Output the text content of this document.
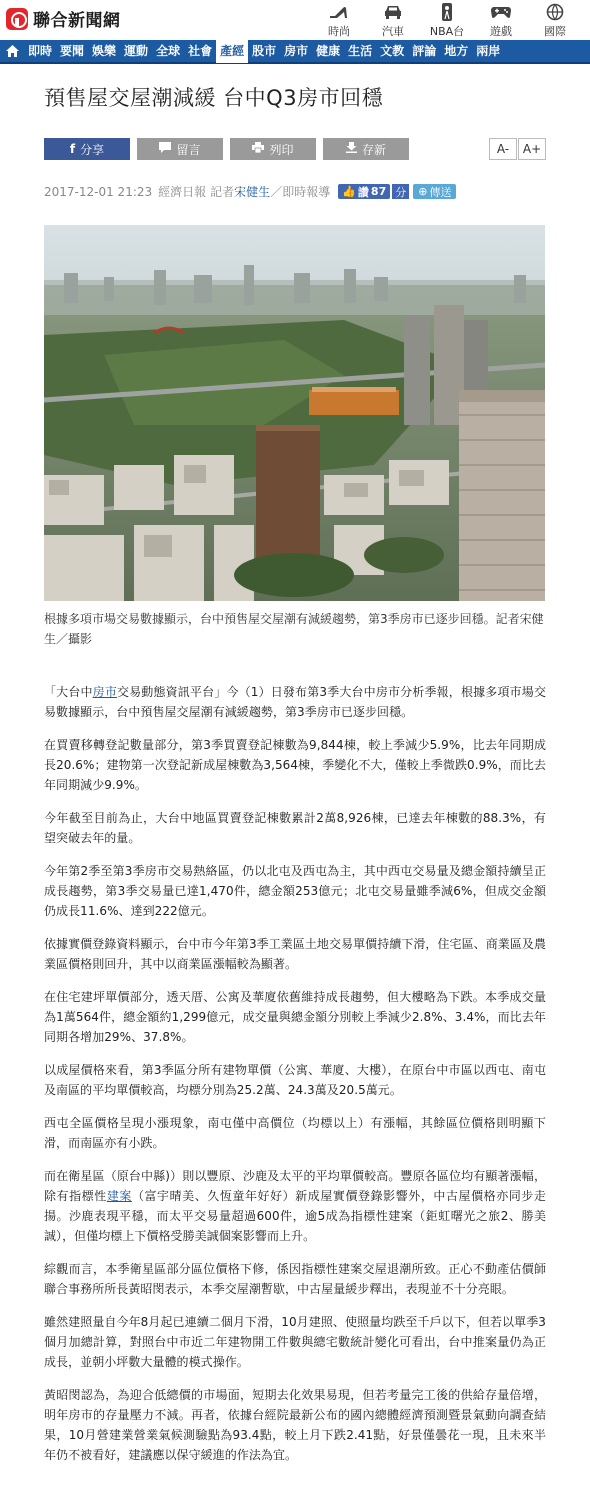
聯合新聞網
時尚	汽車 NBA台 遊戲	國際
即時 要聞 娛樂 運動 全球 社會 產經 股市 房市 健康 生活 文教 評論 地方 兩岸
預售屋交屋潮減緩 台中Q3房市回穩
f 分享	留言	列印	存新	A-	A+
2017-12-01 21:23 經濟日報 記者 宋健生 ／ 即時報導 👍 讚 87 分 ⊕ 傳送
根據多項市場交易數據顯示，台中預售屋交屋潮有減緩趨勢，第3季房市已逐步回穩。記者宋健生／攝影

「大台中房市交易動態資訊平台」今（1）日發布第3季大台中房市分析季報，根據多項市場交易數據顯示，台中預售屋交屋潮有減緩趨勢，第3季房市已逐步回穩。

在買賣移轉登記數量部分，第3季買賣登記棟數為9,844棟，較上季減少5.9%，比去年同期成長20.6%；建物第一次登記新成屋棟數為3,564棟，季變化不大，僅較上季微跌0.9%，而比去年同期減少9.9%。

今年截至目前為止，大台中地區買賣登記棟數累計2萬8,926棟，已達去年棟數的88.3%，有望突破去年的量。

今年第2季至第3季房市交易熱絡區，仍以北屯及西屯為主，其中西屯交易量及總金額持續呈正成長趨勢，第3季交易量已達1,470件，總金額253億元；北屯交易量雖季減6%，但成交金額仍成長11.6%、達到222億元。

依據實價登錄資料顯示，台中市今年第3季工業區土地交易單價持續下滑，住宅區、商業區及農業區價格則回升，其中以商業區漲幅較為顯著。

在住宅建坪單價部分，透天厝、公寓及華廈依舊維持成長趨勢，但大樓略為下跌。本季成交量為1萬564件，總金額約1,299億元，成交量與總金額分別較上季減少2.8%、3.4%，而比去年同期各增加29%、37.8%。

以成屋價格來看，第3季區分所有建物單價（公寓、華廈、大樓），在原台中市區以西屯、南屯及南區的平均單價較高，均標分別為25.2萬、24.3萬及20.5萬元。

西屯全區價格呈現小漲現象，南屯僅中高價位（均標以上）有漲幅，其餘區位價格則明顯下滑，而南區亦有小跌。

而在衛星區（原台中縣)）則以豐原、沙鹿及太平的平均單價較高。豐原各區位均有顯著漲幅，除有指標性建案（富宇晴美、久恆童年好好）新成屋實價登錄影響外，中古屋價格亦同步走揚。沙鹿表現平穩，而太平交易量超過600件，逾5成為指標性建案（鉅虹曙光之旅2、勝美誠），但僅均標上下價格受勝美誠個案影響而上升。

綜觀而言，本季衛星區部分區位價格下修，係因指標性建案交屋退潮所致。正心不動產估價師聯合事務所所長黃昭閔表示，本季交屋潮暫歇，中古屋量緩步釋出，表現並不十分亮眼。

雖然建照量自今年8月起已連續二個月下滑，10月建照、使照量均跌至千戶以下，但若以單季3個月加總計算，對照台中市近二年建物開工件數與總宅數統計變化可看出，台中推案量仍為正成長，並朝小坪數大量體的模式操作。

黃昭閔認為，為迎合低總價的市場面，短期去化效果易現，但若考量完工後的供給存量倍增，明年房市的存量壓力不減。再者，依據台經院最新公布的國內總體經濟預測暨景氣動向調查結果，10月營建業營業氣候測驗點為93.4點，較上月下跌2.41點，好景僅曇花一現，且未來半年仍不被看好，建議應以保守緩進的作法為宜。
